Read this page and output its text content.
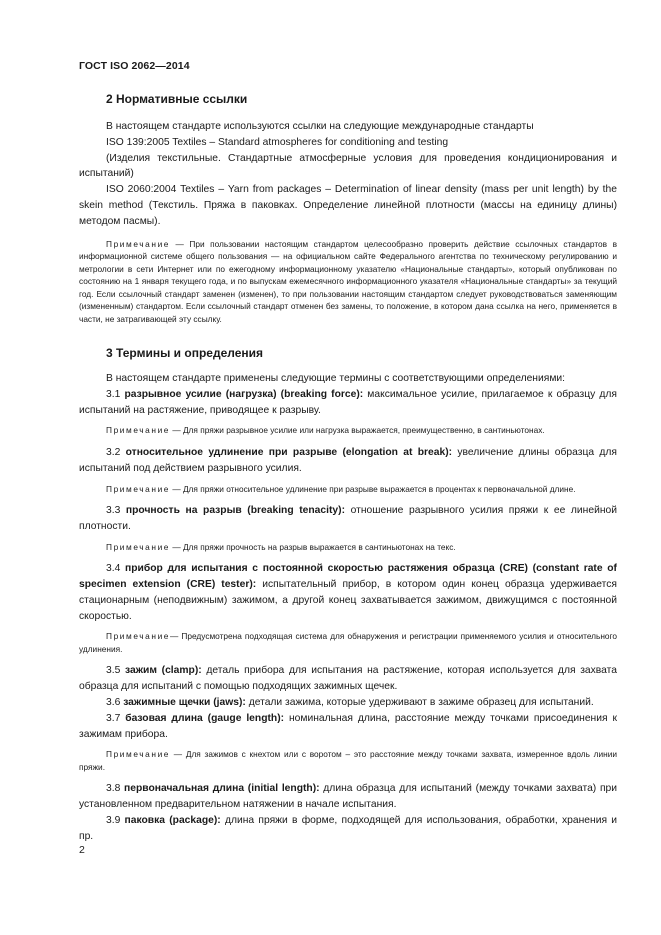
ГОСТ ISO 2062—2014
2 Нормативные ссылки

В настоящем стандарте используются ссылки на следующие международные стандарты

ISO 139:2005 Textiles – Standard atmospheres for conditioning and testing

(Изделия текстильные. Стандартные атмосферные условия для проведения кондиционирования и испытаний)

ISO 2060:2004 Textiles – Yarn from packages – Determination of linear density (mass per unit length) by the skein method (Текстиль. Пряжа в паковках. Определение линейной плотности (массы на единицу длины) методом пасмы).

Примечание — При пользовании настоящим стандартом целесообразно проверить действие ссылочных стандартов в информационной системе общего пользования — на официальном сайте Федерального агентства по техническому регулированию и метрологии в сети Интернет или по ежегодному информационному указателю «Национальные стандарты», который опубликован по состоянию на 1 января текущего года, и по выпускам ежемесячного информационного указателя «Национальные стандарты» за текущий год. Если ссылочный стандарт заменен (изменен), то при пользовании настоящим стандартом следует руководствоваться заменяющим (измененным) стандартом. Если ссылочный стандарт отменен без замены, то положение, в котором дана ссылка на него, применяется в части, не затрагивающей эту ссылку.

3 Термины и определения

В настоящем стандарте применены следующие термины с соответствующими определениями:

3.1 разрывное усилие (нагрузка) (breaking force): максимальное усилие, прилагаемое к образцу для испытаний на растяжение, приводящее к разрыву.

Примечание — Для пряжи разрывное усилие или нагрузка выражается, преимущественно, в сантиньютонах.

3.2 относительное удлинение при разрыве (elongation at break): увеличение длины образца для испытаний под действием разрывного усилия.

Примечание — Для пряжи относительное удлинение при разрыве выражается в процентах к первоначальной длине.

3.3 прочность на разрыв (breaking tenacity): отношение разрывного усилия пряжи к ее линейной плотности.

Примечание — Для пряжи прочность на разрыв выражается в сантиньютонах на текс.

3.4 прибор для испытания с постоянной скоростью растяжения образца (CRE) (constant rate of specimen extension (CRE) tester): испытательный прибор, в котором один конец образца удерживается стационарным (неподвижным) зажимом, а другой конец захватывается зажимом, движущимся с постоянной скоростью.

Примечание— Предусмотрена подходящая система для обнаружения и регистрации применяемого усилия и относительного удлинения.

3.5 зажим (clamp): деталь прибора для испытания на растяжение, которая используется для захвата образца для испытаний с помощью подходящих зажимных щечек.

3.6 зажимные щечки (jaws): детали зажима, которые удерживают в зажиме образец для испытаний.

3.7 базовая длина (gauge length): номинальная длина, расстояние между точками присоединения к зажимам прибора.

Примечание — Для зажимов с кнехтом или с воротом – это расстояние между точками захвата, измеренное вдоль линии пряжи.

3.8 первоначальная длина (initial length): длина образца для испытаний (между точками захвата) при установленном предварительном натяжении в начале испытания.

3.9 паковка (package): длина пряжи в форме, подходящей для использования, обработки, хранения и пр.

2
